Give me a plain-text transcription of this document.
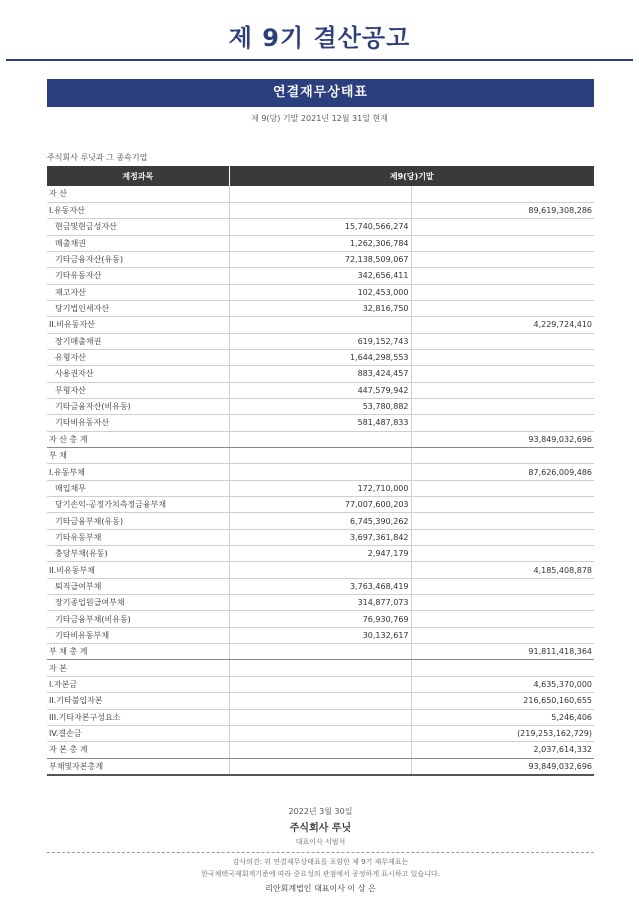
제 9기 결산공고
연결재무상태표
제 9(당) 기말 2021년 12월 31일 현재
주식회사 루닛과 그 종속기업
계정과목	제9(당)기말	
자 산		
I.유동자산		89,619,308,286
현금및현금성자산	15,740,566,274	
매출채권	1,262,306,784	
기타금융자산(유동)	72,138,509,067	
기타유동자산	342,656,411	
재고자산	102,453,000	
당기법인세자산	32,816,750	
II.비유동자산		4,229,724,410
장기매출채권	619,152,743	
유형자산	1,644,298,553	
사용권자산	883,424,457	
무형자산	447,579,942	
기타금융자산(비유동)	53,780,882	
기타비유동자산	581,487,833	
자 산 총 계		93,849,032,696
부 채		
I.유동부채		87,626,009,486
매입채무	172,710,000	
당기손익-공정가치측정금융부채	77,007,600,203	
기타금융부채(유동)	6,745,390,262	
기타유동부채	3,697,361,842	
충당부채(유동)	2,947,179	
II.비유동부채		4,185,408,878
퇴직급여부채	3,763,468,419	
장기종업원급여부채	314,877,073	
기타금융부채(비유동)	76,930,769	
기타비유동부채	30,132,617	
부 채 총 계		91,811,418,364
자 본		
I.자본금		4,635,370,000
II.기타불입자본		216,650,160,655
III.기타자본구성요소		5,246,406
IV.결손금		(219,253,162,729)
자 본 총 계		2,037,614,332
부채및자본총계		93,849,032,696
2022년 3월 30일
주식회사 루닛
대표이사 서범석
감사의견: 위 연결재무상태표를 포함한 제 9기 재무제표는
한국채택국제회계기준에 따라 중요성의 관점에서 공정하게 표시하고 있습니다.
리안회계법인 대표이사 이 상 은
